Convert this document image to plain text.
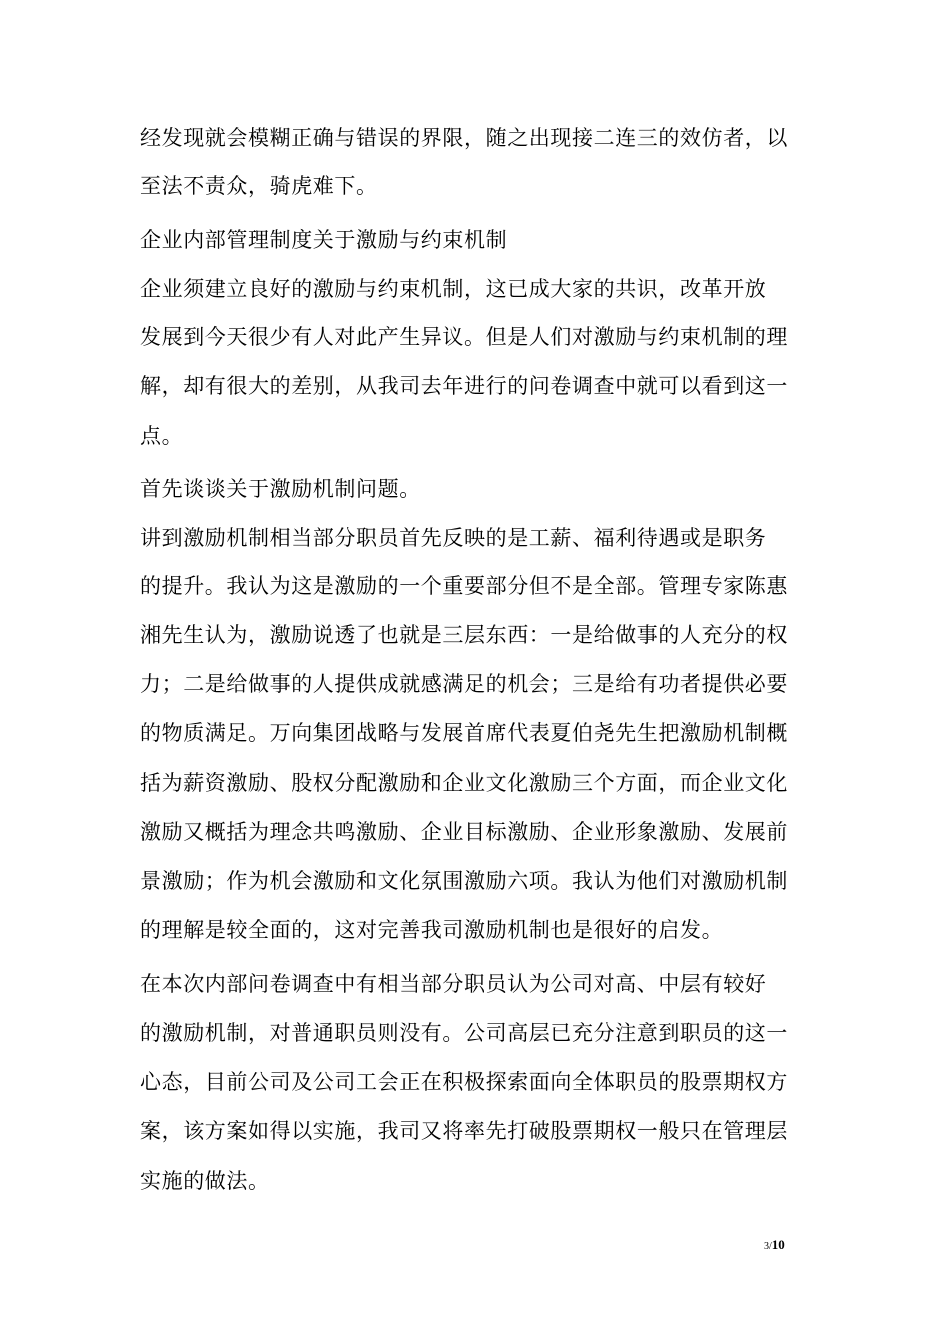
经发现就会模糊正确与错误的界限，随之出现接二连三的效仿者，以
至法不责众，骑虎难下。
企业内部管理制度关于激励与约束机制
企业须建立良好的激励与约束机制，这已成大家的共识，改革开放
发展到今天很少有人对此产生异议。但是人们对激励与约束机制的理
解，却有很大的差别，从我司去年进行的问卷调查中就可以看到这一
点。
首先谈谈关于激励机制问题。
讲到激励机制相当部分职员首先反映的是工薪、福利待遇或是职务
的提升。我认为这是激励的一个重要部分但不是全部。管理专家陈惠
湘先生认为，激励说透了也就是三层东西：一是给做事的人充分的权
力；二是给做事的人提供成就感满足的机会；三是给有功者提供必要
的物质满足。万向集团战略与发展首席代表夏伯尧先生把激励机制概
括为薪资激励、股权分配激励和企业文化激励三个方面，而企业文化
激励又概括为理念共鸣激励、企业目标激励、企业形象激励、发展前
景激励；作为机会激励和文化氛围激励六项。我认为他们对激励机制
的理解是较全面的，这对完善我司激励机制也是很好的启发。
在本次内部问卷调查中有相当部分职员认为公司对高、中层有较好
的激励机制，对普通职员则没有。公司高层已充分注意到职员的这一
心态，目前公司及公司工会正在积极探索面向全体职员的股票期权方
案，该方案如得以实施，我司又将率先打破股票期权一般只在管理层
实施的做法。
3/10
